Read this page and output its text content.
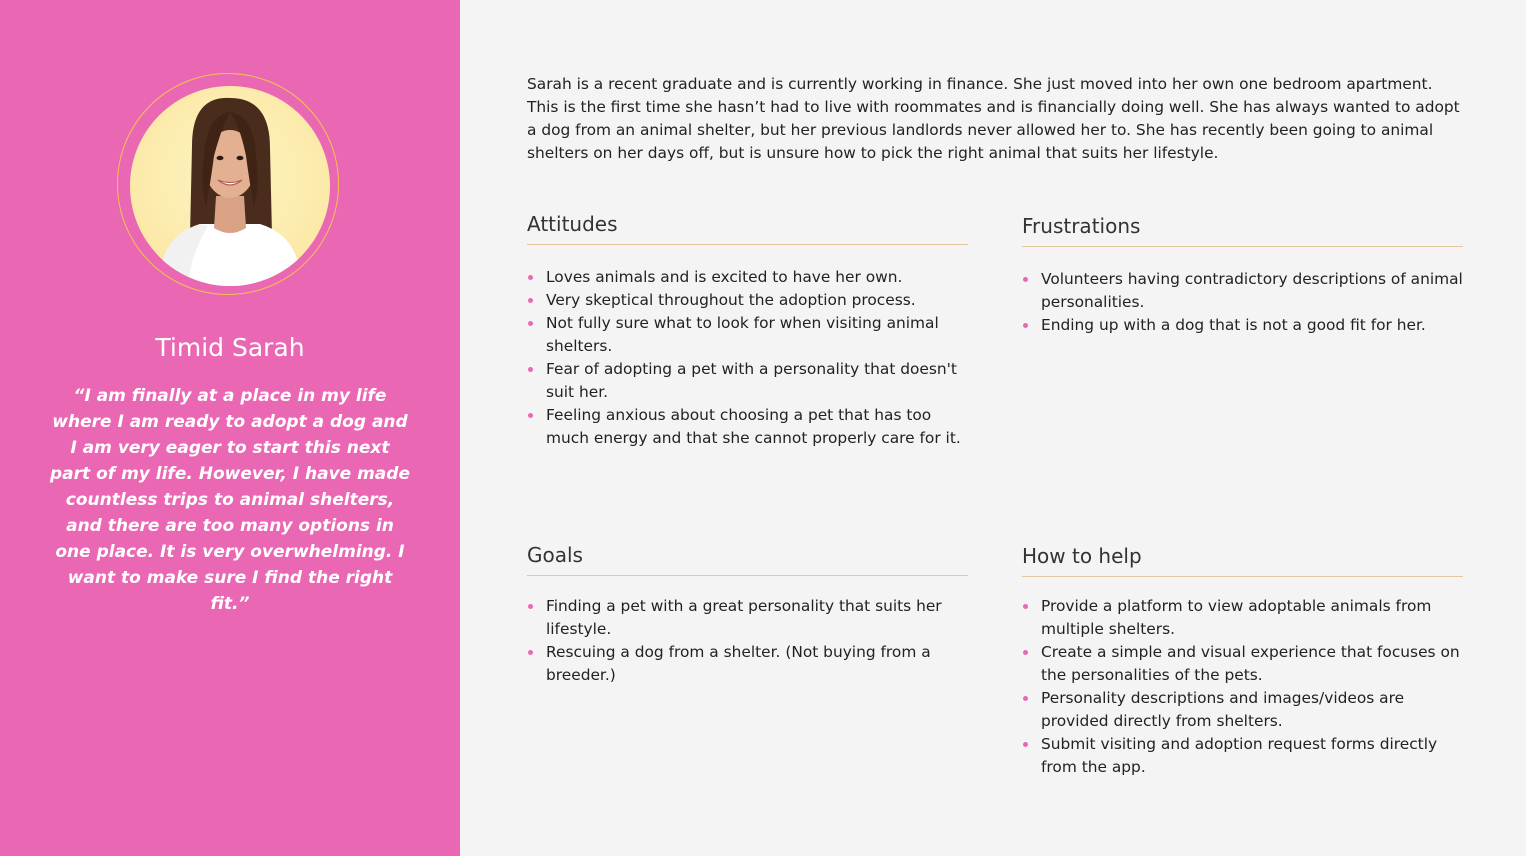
Timid Sarah
“I am finally at a place in my life where I am ready to adopt a dog and I am very eager to start this next part of my life. However, I have made countless trips to animal shelters, and there are too many options in one place. It is very overwhelming. I want to make sure I find the right fit.”
Sarah is a recent graduate and is currently working in finance. She just moved into her own one bedroom apartment. This is the first time she hasn’t had to live with roommates and is financially doing well. She has always wanted to adopt a dog from an animal shelter, but her previous landlords never allowed her to. She has recently been going to animal shelters on her days off, but is unsure how to pick the right animal that suits her lifestyle.
Attitudes
Loves animals and is excited to have her own.
Very skeptical throughout the adoption process.
Not fully sure what to look for when visiting animal shelters.
Fear of adopting a pet with a personality that doesn't suit her.
Feeling anxious about choosing a pet that has too much energy and that she cannot properly care for it.
Frustrations
Volunteers having contradictory descriptions of animal personalities.
Ending up with a dog that is not a good fit for her.
Goals
Finding a pet with a great personality that suits her lifestyle.
Rescuing a dog from a shelter. (Not buying from a breeder.)
How to help
Provide a platform to view adoptable animals from multiple shelters.
Create a simple and visual experience that focuses on the personalities of the pets.
Personality descriptions and images/videos are provided directly from shelters.
Submit visiting and adoption request forms directly from the app.
